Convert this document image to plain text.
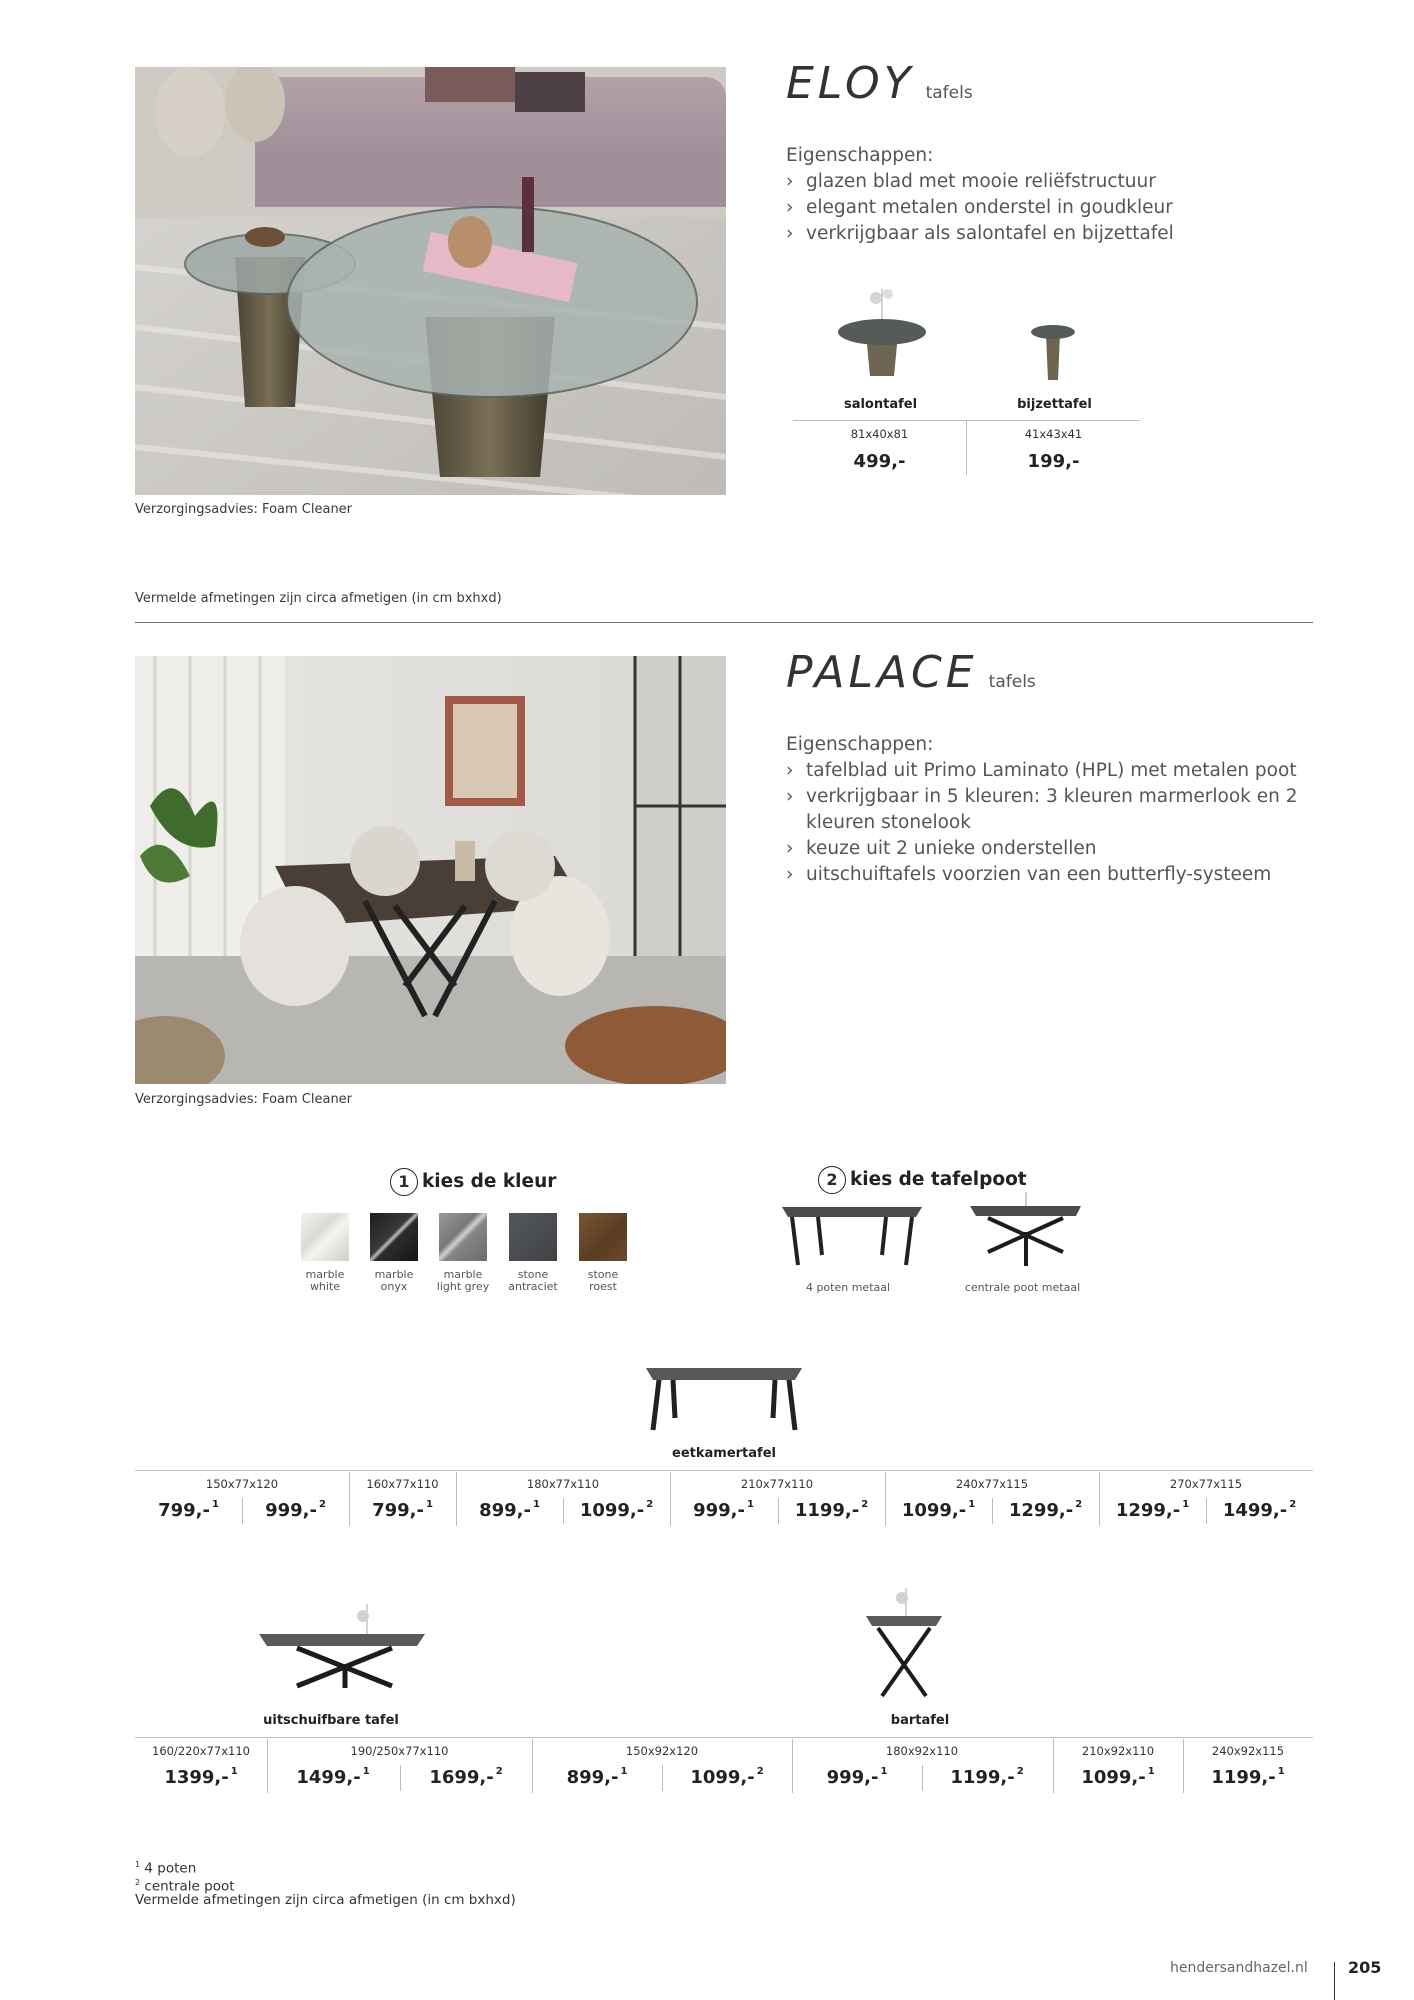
Verzorgingsadvies: Foam Cleaner
ELOY tafels
Eigenschappen:
› glazen blad met mooie reliëfstructuur
› elegant metalen onderstel in goudkleur
› verkrijgbaar als salontafel en bijzettafel
salontafel	bijzettafel
81x40x81	41x43x41
499,-	199,-
Vermelde afmetingen zijn circa afmetigen (in cm bxhxd)
Verzorgingsadvies: Foam Cleaner
PALACE tafels
Eigenschappen:
› tafelblad uit Primo Laminato (HPL) met metalen poot
› verkrijgbaar in 5 kleuren: 3 kleuren marmerlook en 2 kleuren stonelook
› keuze uit 2 unieke onderstellen
› uitschuiftafels voorzien van een butterfly-systeem
1 kies de kleur
marble
white
marble
onyx
marble
light grey
stone
antraciet
stone
roest
2 kies de tafelpoot
4 poten metaal	centrale poot metaal
eetkamertafel
150x77x120
799,- $^1$	999,- $^2$
160x77x110
799,- $^1$
180x77x110
899,- $^1$	1099,- $^2$
210x77x110
999,- $^1$	1199,- $^2$
240x77x115
1099,- $^1$	1299,- $^2$
270x77x115
1299,- $^1$	1499,- $^2$
uitschuifbare tafel	bartafel
160/220x77x110
1399,- $^1$
190/250x77x110
1499,- $^1$	1699,- $^2$
150x92x120
899,- $^1$	1099,- $^2$
180x92x110
999,- $^1$	1199,- $^2$
210x92x110
1099,- $^1$
240x92x115
1199,- $^1$
$^1$ 4 poten
$^2$ centrale poot
Vermelde afmetingen zijn circa afmetigen (in cm bxhxd)
hendersandhazel.nl	205
